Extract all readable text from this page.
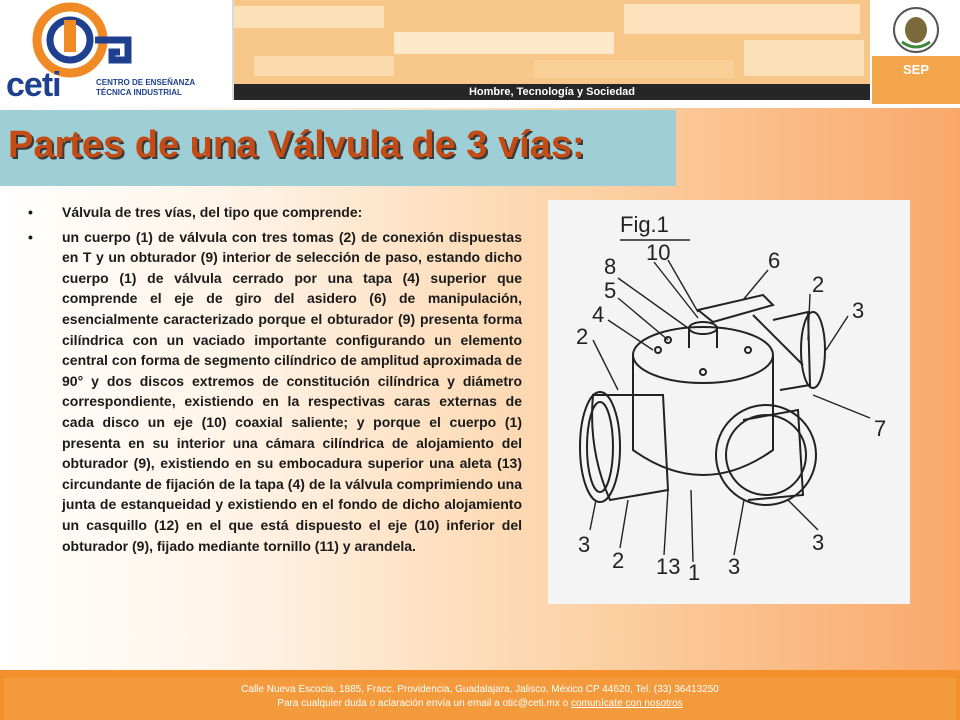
ceti	CENTRO DE ENSEÑANZA
TÉCNICA INDUSTRIAL	Hombre, Tecnología y Sociedad
SEP
Partes de una Válvula de 3 vías:
• Válvula de tres vías, del tipo que comprende:
• un cuerpo (1) de válvula con tres tomas (2) de conexión dispuestas en T y un obturador (9) interior de selección de paso, estando dicho cuerpo (1) de válvula cerrado por una tapa (4) superior que comprende el eje de giro del asidero (6) de manipulación, esencialmente caracterizado porque el obturador (9) presenta forma cilíndrica con un vaciado importante configurando un elemento central con forma de segmento cilíndrico de amplitud aproximada de 90° y dos discos extremos de constitución cilíndrica y diámetro correspondiente, existiendo en la respectivas caras externas de cada disco un eje (10) coaxial saliente; y porque el cuerpo (1) presenta en su interior una cámara cilíndrica de alojamiento del obturador (9), existiendo en su embocadura superior una aleta (13) circundante de fijación de la tapa (4) de la válvula comprimiendo una junta de estanqueidad y existiendo en el fondo de dicho alojamiento un casquillo (12) en el que está dispuesto el eje (10) inferior del obturador (9), fijado mediante tornillo (11) y arandela.
Fig.1
10
8
5
6
4
2
3
2
7
3
2 13 1 3
3
Calle Nueva Escocia, 1885, Fracc. Providencia, Guadalajara, Jalisco, México CP 44620, Tel. (33) 36413250
Para cualquier duda o aclaración envía un email a otic@ceti.mx o comunícate con nosotros
